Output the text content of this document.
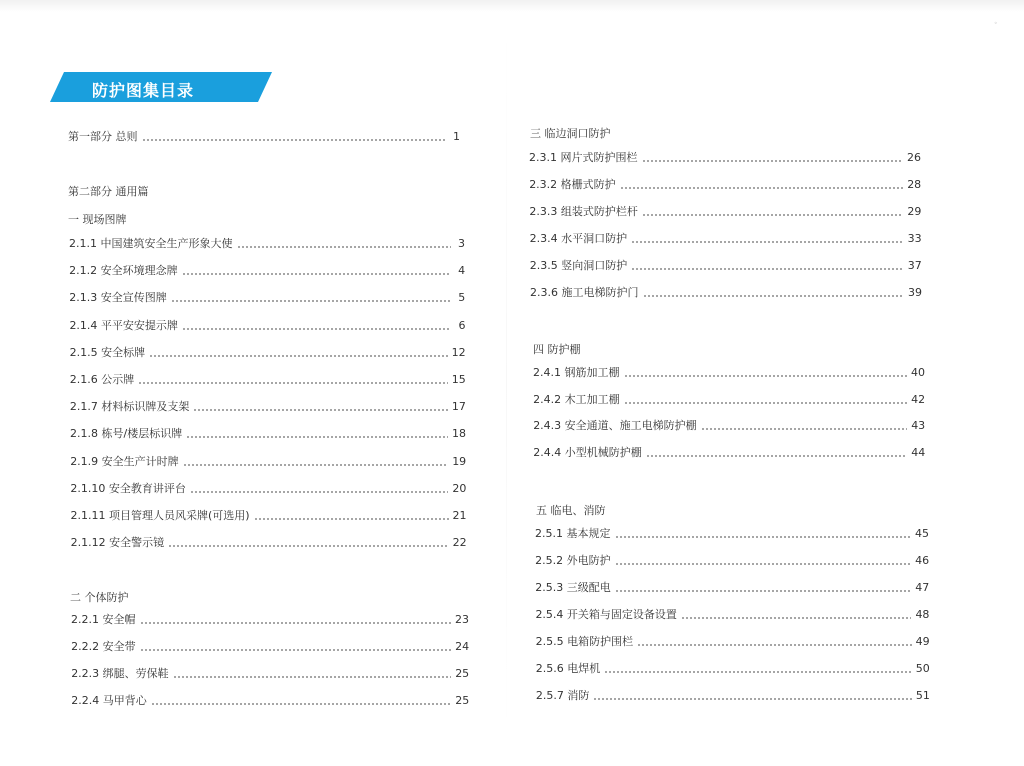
◦
防护图集目录
第一部分 总则	1
第二部分 通用篇
一 现场图牌
2.1.1 中国建筑安全生产形象大使	3
2.1.2 安全环境理念牌	4
2.1.3 安全宣传图牌	5
2.1.4 平平安安提示牌	6
2.1.5 安全标牌	12
2.1.6 公示牌	15
2.1.7 材料标识牌及支架	17
2.1.8 栋号/楼层标识牌	18
2.1.9 安全生产计时牌	19
2.1.10 安全教育讲评台	20
2.1.11 项目管理人员风采牌(可选用)	21
2.1.12 安全警示镜	22
二 个体防护
2.2.1 安全帽	23
2.2.2 安全带	24
2.2.3 绑腿、劳保鞋	25
2.2.4 马甲背心	25
三 临边洞口防护
2.3.1 网片式防护围栏	26
2.3.2 格栅式防护	28
2.3.3 组装式防护栏杆	29
2.3.4 水平洞口防护	33
2.3.5 竖向洞口防护	37
2.3.6 施工电梯防护门	39
四 防护棚
2.4.1 钢筋加工棚	40
2.4.2 木工加工棚	42
2.4.3 安全通道、施工电梯防护棚	43
2.4.4 小型机械防护棚	44
五 临电、消防
2.5.1 基本规定	45
2.5.2 外电防护	46
2.5.3 三级配电	47
2.5.4 开关箱与固定设备设置	48
2.5.5 电箱防护围栏	49
2.5.6 电焊机	50
2.5.7 消防	51
